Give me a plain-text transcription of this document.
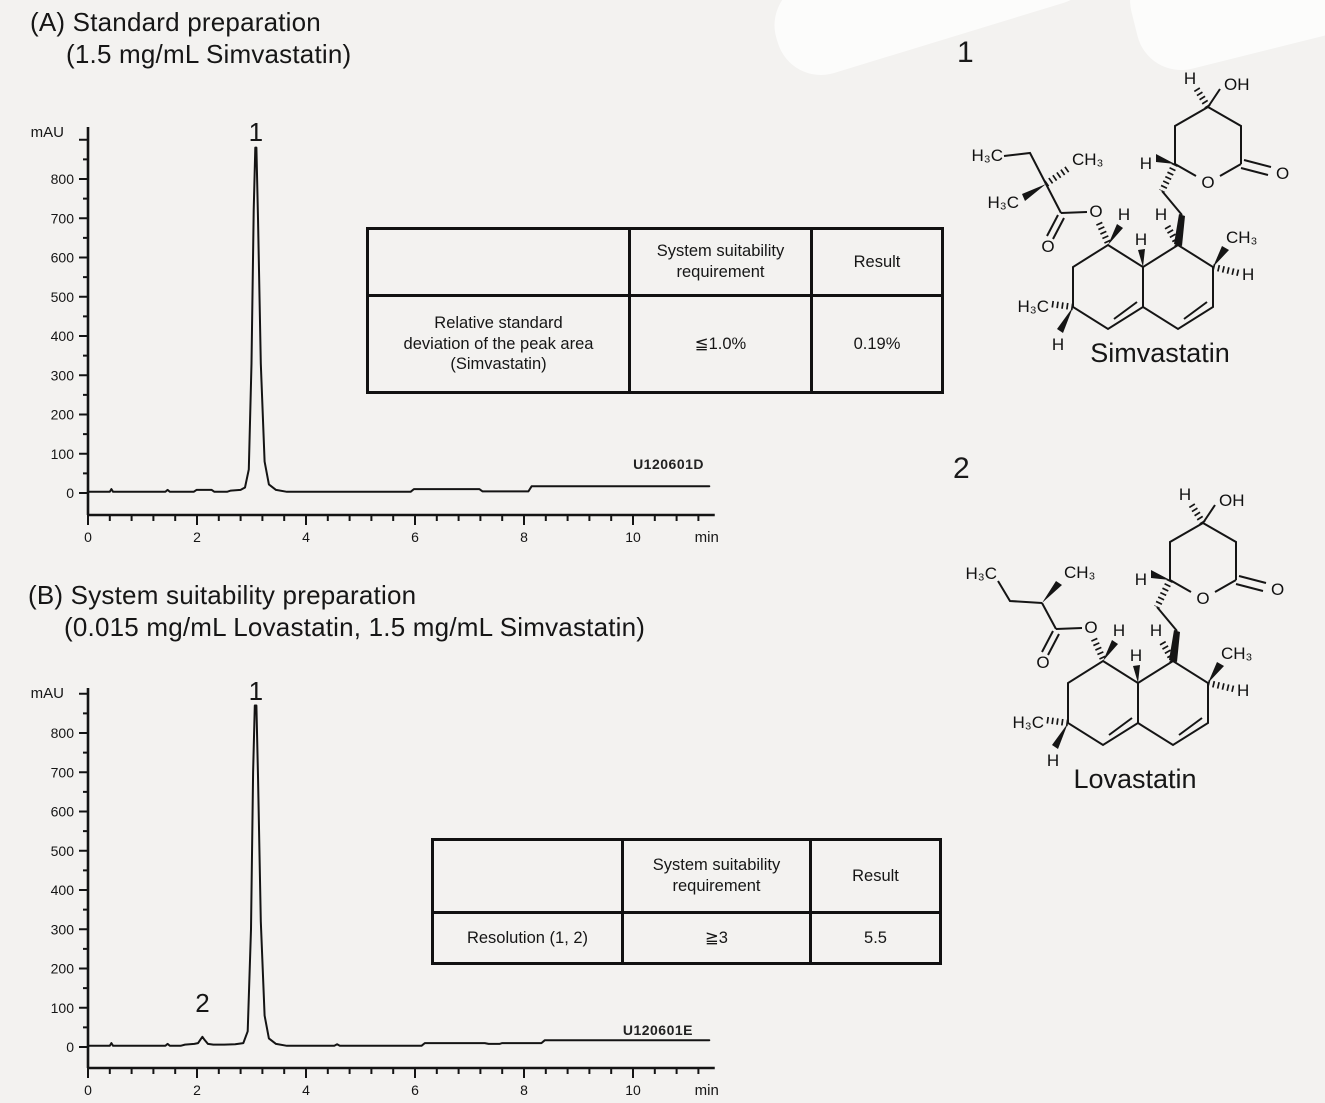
(A) Standard preparation
(1.5 mg/mL Simvastatin)
0
100
200
300
400
500
600
700
800
0	2	4	6	8	10
mAU
min
1
U120601D
	System suitability requirement	Result
Relative standard deviation of the peak area (Simvastatin)	≦1.0%	0.19%
(B) System suitability preparation
(0.015 mg/mL Lovastatin, 1.5 mg/mL Simvastatin)
0
100
200
300
400
500
600
700
800
0	2	4	6	8	10
mAU
min
1
2
U120601E
	System suitability requirement	Result
Resolution (1, 2)	≧3	5.5
1
OH
H
O	O
H
H₃C	CH₃
H₃C
O
O H
H
H
CH₃
H
H₃C
H Simvastatin
2
OH
H
O	O
H
H₃C	CH₃
O
O H
H
H
CH₃
H
H₃C
H
Lovastatin
